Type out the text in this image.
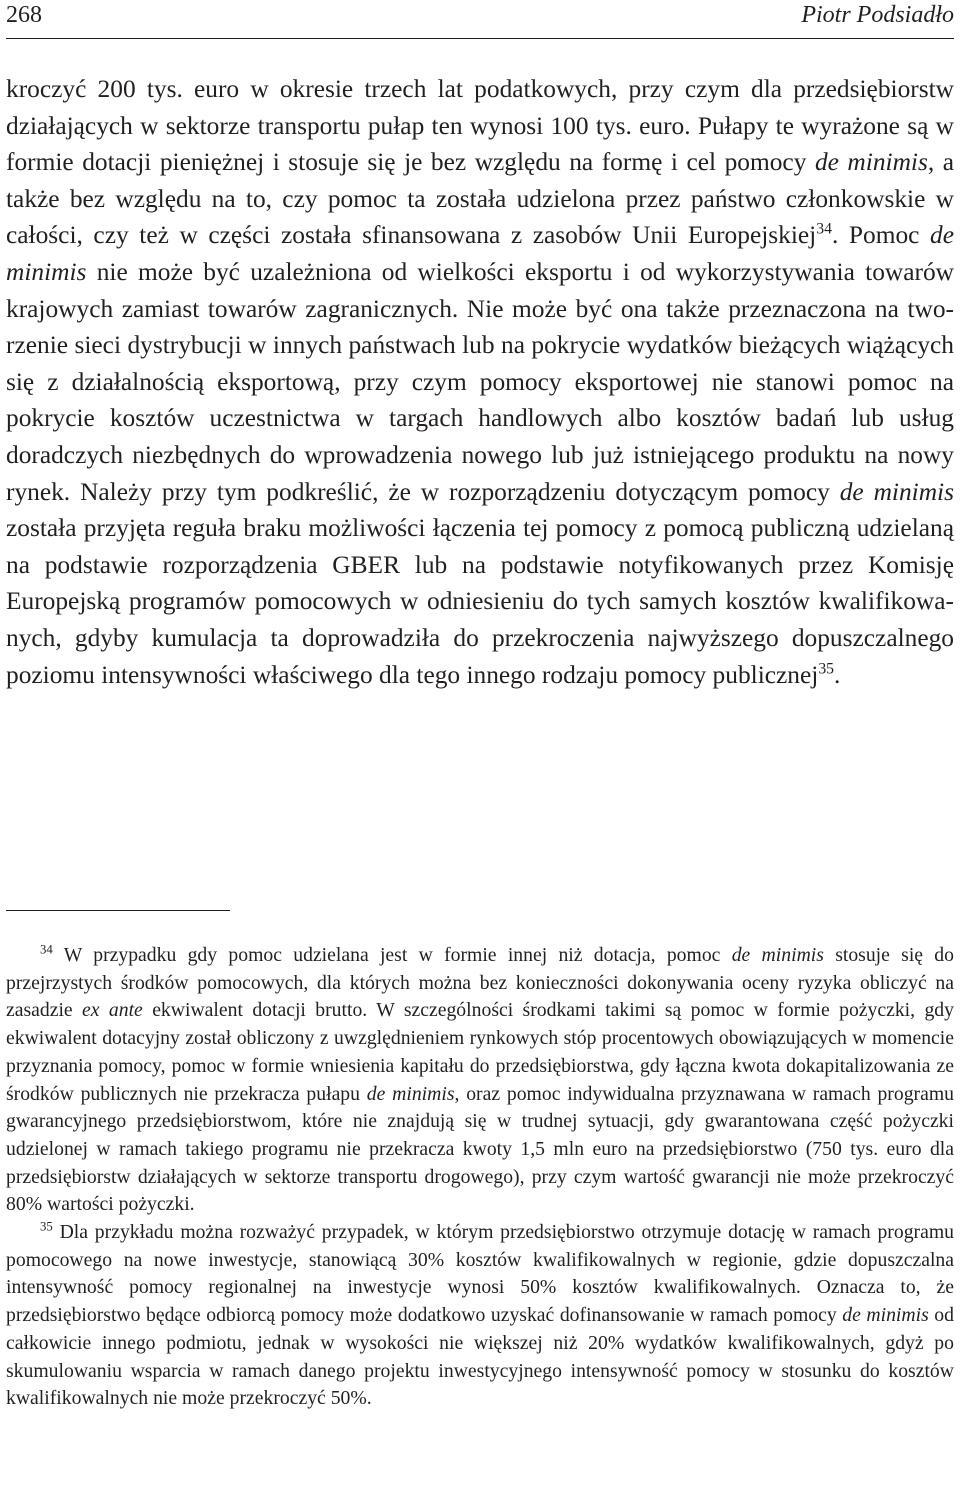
268	Piotr Podsiadło
kroczyć 200 tys. euro w okresie trzech lat podatkowych, przy czym dla przedsiębiorstw działających w sektorze transportu pułap ten wynosi 100 tys. euro. Pułapy te wyrażone są w formie dotacji pieniężnej i stosuje się je bez względu na formę i cel pomocy de minimis, a także bez względu na to, czy pomoc ta została udzielona przez państwo członkowskie w całości, czy też w części została sfinansowana z zasobów Unii Europejskiej$^{34}$. Pomoc de minimis nie może być uzależniona od wielkości eksportu i od wykorzystywania towarów krajowych zamiast towarów zagranicznych. Nie może być ona także przeznaczona na tworzenie sieci dystrybucji w innych państwach lub na pokrycie wydatków bieżących wiążących się z działalnością eksportową, przy czym pomocy eksportowej nie stanowi pomoc na pokrycie kosztów uczestnictwa w targach handlowych albo kosztów badań lub usług doradczych niezbędnych do wprowadzenia nowego lub już istniejącego produktu na nowy rynek. Należy przy tym podkreślić, że w rozporządzeniu dotyczącym pomocy de minimis została przyjęta reguła braku możliwości łączenia tej pomocy z pomocą publiczną udzielaną na podstawie rozporządzenia GBER lub na podstawie notyfikowanych przez Komisję Europejską programów pomocowych w odniesieniu do tych samych kosztów kwalifikowanych, gdyby kumulacja ta doprowadziła do przekroczenia najwyższego dopuszczalnego poziomu intensywności właściwego dla tego innego rodzaju pomocy publicznej$^{35}$.

$^{34}$ W przypadku gdy pomoc udzielana jest w formie innej niż dotacja, pomoc de minimis stosuje się do przejrzystych środków pomocowych, dla których można bez konieczności dokonywania oceny ryzyka obliczyć na zasadzie ex ante ekwiwalent dotacji brutto. W szczególności środkami takimi są pomoc w formie pożyczki, gdy ekwiwalent dotacyjny został obliczony z uwzględnieniem rynkowych stóp procentowych obowiązujących w momencie przyznania pomocy, pomoc w formie wniesienia kapitału do przedsiębiorstwa, gdy łączna kwota dokapitalizowania ze środków publicznych nie przekracza pułapu de minimis, oraz pomoc indywidualna przyznawana w ramach programu gwarancyjnego przedsiębiorstwom, które nie znajdują się w trudnej sytuacji, gdy gwarantowana część pożyczki udzielonej w ramach takiego programu nie przekracza kwoty 1,5 mln euro na przedsiębiorstwo (750 tys. euro dla przedsiębiorstw działających w sektorze transportu drogowego), przy czym wartość gwarancji nie może przekroczyć 80% wartości pożyczki.

$^{35}$ Dla przykładu można rozważyć przypadek, w którym przedsiębiorstwo otrzymuje dotację w ramach programu pomocowego na nowe inwestycje, stanowiącą 30% kosztów kwalifikowalnych w regionie, gdzie dopuszczalna intensywność pomocy regionalnej na inwestycje wynosi 50% kosztów kwalifikowalnych. Oznacza to, że przedsiębiorstwo będące odbiorcą pomocy może dodatkowo uzyskać dofinansowanie w ramach pomocy de minimis od całkowicie innego podmiotu, jednak w wysokości nie większej niż 20% wydatków kwalifikowalnych, gdyż po skumulowaniu wsparcia w ramach danego projektu inwestycyjnego intensywność pomocy w stosunku do kosztów kwalifikowalnych nie może przekroczyć 50%.
